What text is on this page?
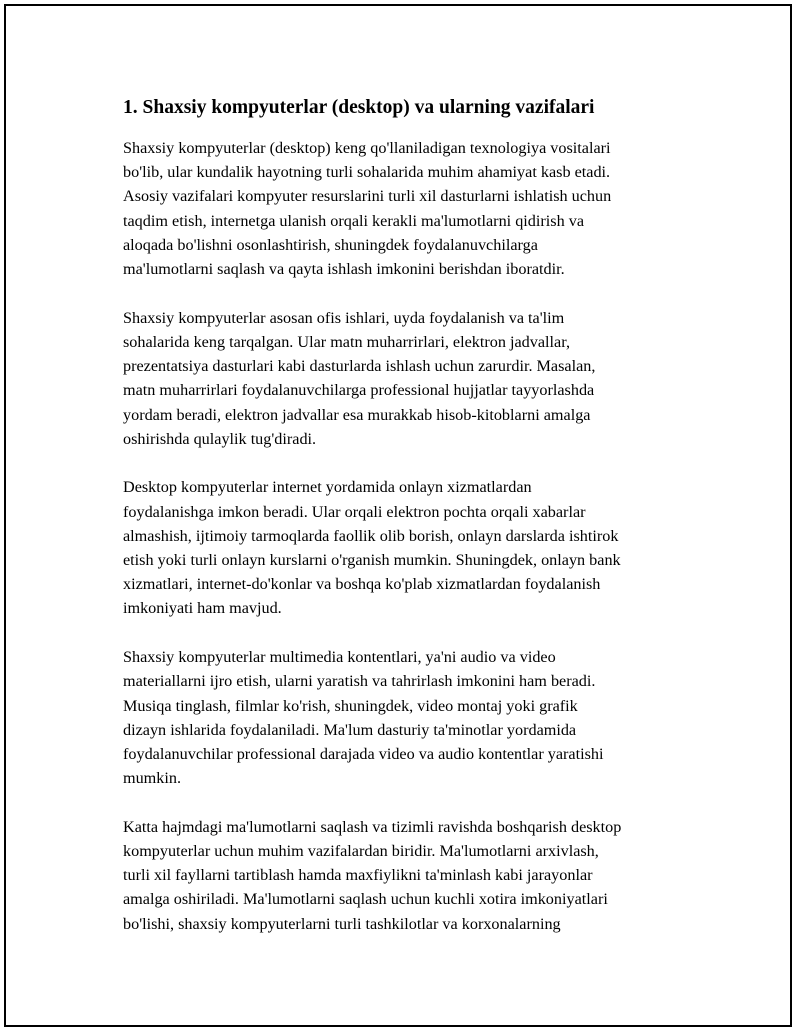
1. Shaxsiy kompyuterlar (desktop) va ularning vazifalari

Shaxsiy kompyuterlar (desktop) keng qo'llaniladigan texnologiya vositalari
bo'lib, ular kundalik hayotning turli sohalarida muhim ahamiyat kasb etadi.
Asosiy vazifalari kompyuter resurslarini turli xil dasturlarni ishlatish uchun
taqdim etish, internetga ulanish orqali kerakli ma'lumotlarni qidirish va
aloqada bo'lishni osonlashtirish, shuningdek foydalanuvchilarga
ma'lumotlarni saqlash va qayta ishlash imkonini berishdan iboratdir.

Shaxsiy kompyuterlar asosan ofis ishlari, uyda foydalanish va ta'lim
sohalarida keng tarqalgan. Ular matn muharrirlari, elektron jadvallar,
prezentatsiya dasturlari kabi dasturlarda ishlash uchun zarurdir. Masalan,
matn muharrirlari foydalanuvchilarga professional hujjatlar tayyorlashda
yordam beradi, elektron jadvallar esa murakkab hisob-kitoblarni amalga
oshirishda qulaylik tug'diradi.

Desktop kompyuterlar internet yordamida onlayn xizmatlardan
foydalanishga imkon beradi. Ular orqali elektron pochta orqali xabarlar
almashish, ijtimoiy tarmoqlarda faollik olib borish, onlayn darslarda ishtirok
etish yoki turli onlayn kurslarni o'rganish mumkin. Shuningdek, onlayn bank
xizmatlari, internet-do'konlar va boshqa ko'plab xizmatlardan foydalanish
imkoniyati ham mavjud.

Shaxsiy kompyuterlar multimedia kontentlari, ya'ni audio va video
materiallarni ijro etish, ularni yaratish va tahrirlash imkonini ham beradi.
Musiqa tinglash, filmlar ko'rish, shuningdek, video montaj yoki grafik
dizayn ishlarida foydalaniladi. Ma'lum dasturiy ta'minotlar yordamida
foydalanuvchilar professional darajada video va audio kontentlar yaratishi
mumkin.

Katta hajmdagi ma'lumotlarni saqlash va tizimli ravishda boshqarish desktop
kompyuterlar uchun muhim vazifalardan biridir. Ma'lumotlarni arxivlash,
turli xil fayllarni tartiblash hamda maxfiylikni ta'minlash kabi jarayonlar
amalga oshiriladi. Ma'lumotlarni saqlash uchun kuchli xotira imkoniyatlari
bo'lishi, shaxsiy kompyuterlarni turli tashkilotlar va korxonalarning
